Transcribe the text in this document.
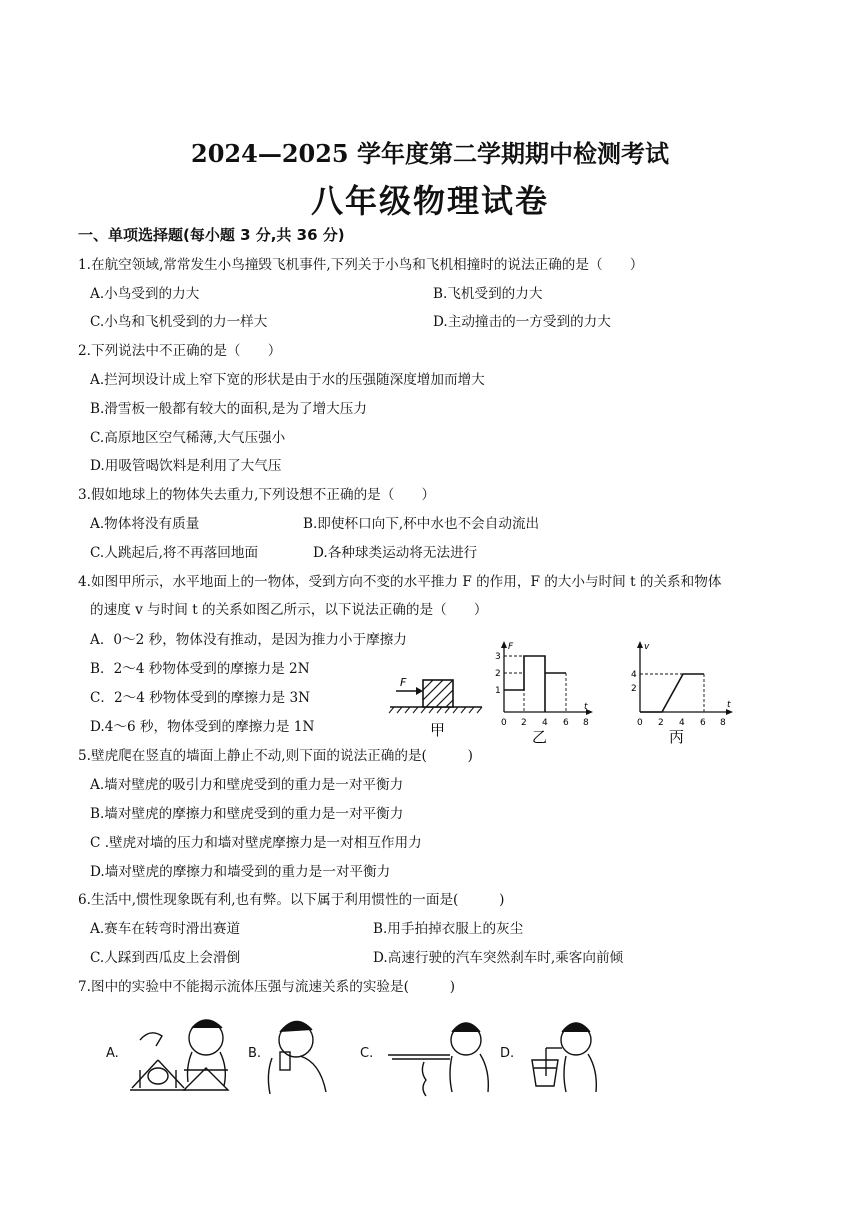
2024—2025 学年度第二学期期中检测考试
八年级物理试卷
一、单项选择题(每小题 3 分,共 36 分)
1.在航空领域,常常发生小鸟撞毁飞机事件,下列关于小鸟和飞机相撞时的说法正确的是（　　）
A.小鸟受到的力大	B.飞机受到的力大
C.小鸟和飞机受到的力一样大	D.主动撞击的一方受到的力大
2.下列说法中不正确的是（　　）
A.拦河坝设计成上窄下宽的形状是由于水的压强随深度增加而增大
B.滑雪板一般都有较大的面积,是为了增大压力
C.高原地区空气稀薄,大气压强小
D.用吸管喝饮料是利用了大气压
3.假如地球上的物体失去重力,下列设想不正确的是（　　）
A.物体将没有质量	B.即使杯口向下,杯中水也不会自动流出
C.人跳起后,将不再落回地面	D.各种球类运动将无法进行
4.如图甲所示，水平地面上的一物体，受到方向不变的水平推力 F 的作用，F 的大小与时间 t 的关系和物体
的速度 v 与时间 t 的关系如图乙所示，以下说法正确的是（　　）
A．0～2 秒，物体没有推动，是因为推力小于摩擦力
B．2～4 秒物体受到的摩擦力是 2N
C．2～4 秒物体受到的摩擦力是 3N
D.4～6 秒，物体受到的摩擦力是 1N
F
甲
F
t
1
2
3
0 2 4 6 8
乙
v
t
2
4
0 2 4 6 8
丙
5.壁虎爬在竖直的墙面上静止不动,则下面的说法正确的是(　　　)
A.墙对壁虎的吸引力和壁虎受到的重力是一对平衡力
B.墙对壁虎的摩擦力和壁虎受到的重力是一对平衡力
C .壁虎对墙的压力和墙对壁虎摩擦力是一对相互作用力
D.墙对壁虎的摩擦力和墙受到的重力是一对平衡力
6.生活中,惯性现象既有利,也有弊。以下属于利用惯性的一面是(　　　)
A.赛车在转弯时滑出赛道	B.用手拍掉衣服上的灰尘
C.人踩到西瓜皮上会滑倒	D.高速行驶的汽车突然刹车时,乘客向前倾
7.图中的实验中不能揭示流体压强与流速关系的实验是(　　　)
A.	B.	C.	D.
